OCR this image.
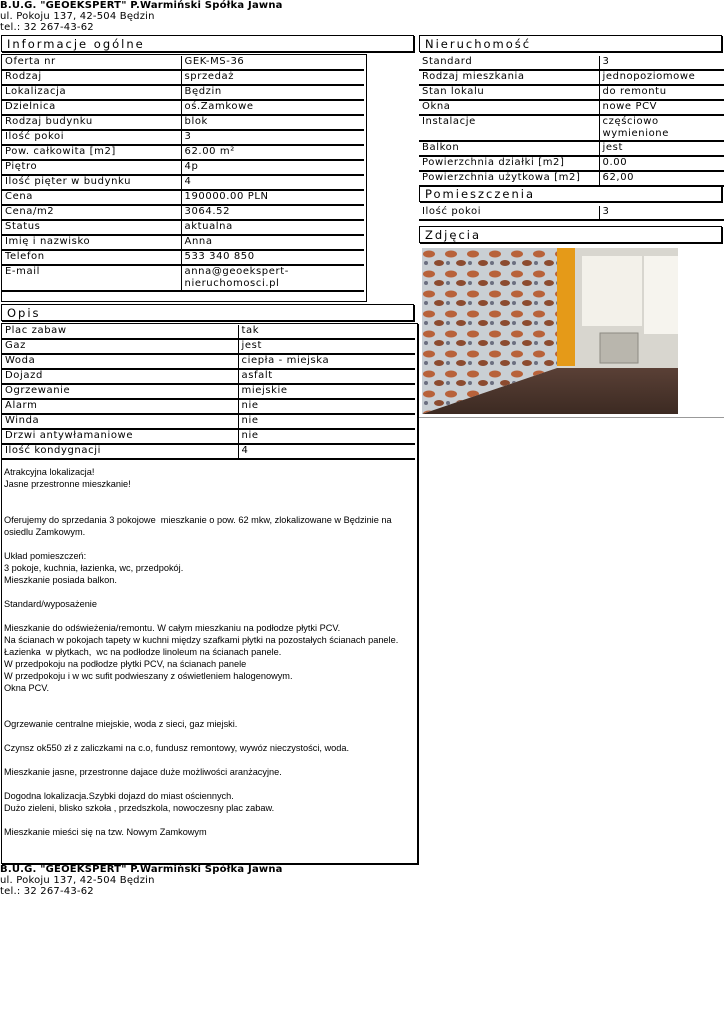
B.U.G. "GEOEKSPERT" P.Warmiński Spółka Jawna
ul. Pokoju 137, 42-504 Będzin
tel.: 32 267-43-62
Informacje ogólne
Oferta nr	GEK-MS-36
Rodzaj	sprzedaż
Lokalizacja	Będzin
Dzielnica	oś.Zamkowe
Rodzaj budynku	blok
Ilość pokoi	3
Pow. całkowita [m2]	62.00 m²
Piętro	4p
Ilość pięter w budynku	4
Cena	190000.00 PLN
Cena/m2	3064.52
Status	aktualna
Imię i nazwisko	Anna
Telefon	533 340 850
E-mail	anna@geoekspert-
nieruchomosci.pl
Nieruchomość
Standard	3
Rodzaj mieszkania	jednopoziomowe
Stan lokalu	do remontu
Okna	nowe PCV
Instalacje	częściowo wymienione
Balkon	jest
Powierzchnia działki [m2]	0.00
Powierzchnia użytkowa [m2]	62,00
Pomieszczenia
Ilość pokoi	3
Zdjęcia
Opis
Plac zabaw	tak
Gaz	jest
Woda	ciepła - miejska
Dojazd	asfalt
Ogrzewanie	miejskie
Alarm	nie
Winda	nie
Drzwi antywłamaniowe	nie
Ilość kondygnacji	4

Atrakcyjna lokalizacja!
Jasne przestronne mieszkanie!

Oferujemy do sprzedania 3 pokojowe  mieszkanie o pow. 62 mkw, zlokalizowane w Będzinie na osiedlu Zamkowym.

Układ pomieszczeń:
3 pokoje, kuchnia, łazienka, wc, przedpokój.
Mieszkanie posiada balkon.

Standard/wyposażenie

Mieszkanie do odświeżenia/remontu. W całym mieszkaniu na podłodze płytki PCV.
Na ścianach w pokojach tapety w kuchni między szafkami płytki na pozostałych ścianach panele.
Łazienka  w płytkach,  wc na podłodze linoleum na ścianach panele.
W przedpokoju na podłodze płytki PCV, na ścianach panele
W przedpokoju i w wc sufit podwieszany z oświetleniem halogenowym.
Okna PCV.

Ogrzewanie centralne miejskie, woda z sieci, gaz miejski.

Czynsz ok550 zł z zaliczkami na c.o, fundusz remontowy, wywóz nieczystości, woda.

Mieszkanie jasne, przestronne dajace duże możliwości aranżacyjne.

Dogodna lokalizacja.Szybki dojazd do miast ościennych.
Dużo zieleni, blisko szkoła , przedszkola, nowoczesny plac zabaw.

Mieszkanie mieści się na tzw. Nowym Zamkowym

B.U.G. "GEOEKSPERT" P.Warmiński Spółka Jawna
ul. Pokoju 137, 42-504 Będzin
tel.: 32 267-43-62
